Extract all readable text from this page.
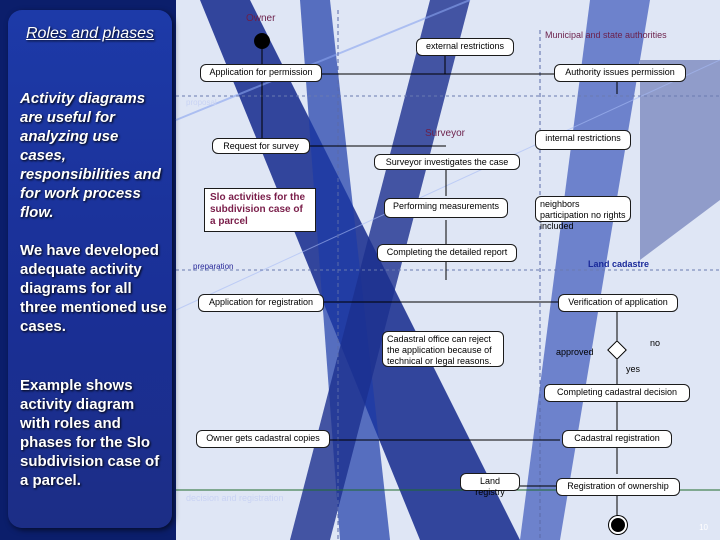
Roles and phases
Activity diagrams are useful for analyzing use cases, responsibilities and for work process flow.
We have developed adequate activity diagrams for all three mentioned use cases.
Example shows activity diagram with roles and phases for the Slo subdivision case of a parcel.
Owner
Municipal and state authorities
Surveyor
Land cadastre
proposal
preparation
decision and registration
external restrictions
Application for permission	Authority issues permission
internal restrictions
Request for survey
Surveyor investigates the case
Performing measurements	neighbors participation no rights included
Completing the detailed report
Application for registration	Verification of application
Cadastral office can reject the application because of technical or legal reasons.
Completing cadastral decision
Owner gets cadastral copies	Cadastral registration
Land registry
Registration of ownership
approved
no
yes
Slo activities for the subdivision case of a parcel
10
